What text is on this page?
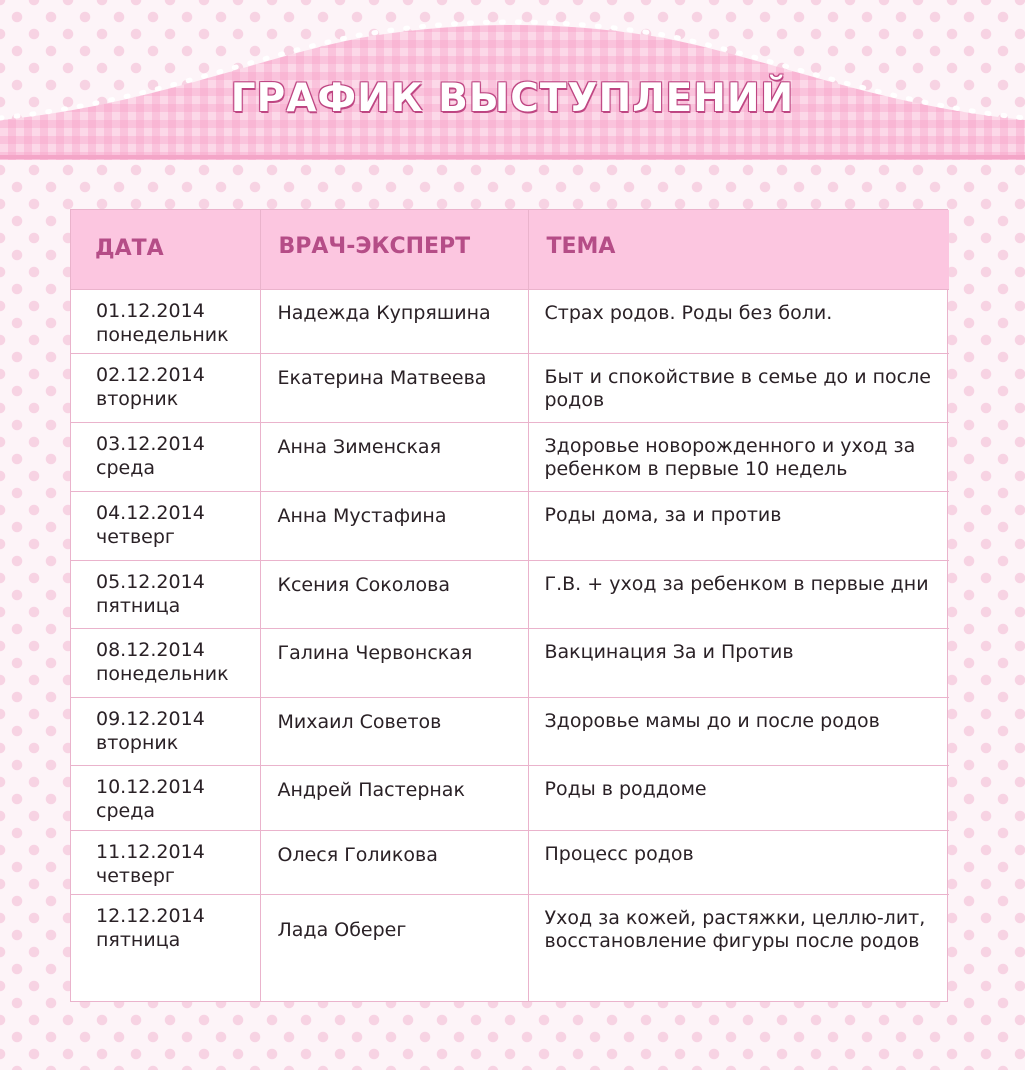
ГРАФИК ВЫСТУПЛЕНИЙ
ДАТА	ВРАЧ-ЭКСПЕРТ	ТЕМА

01.12.2014
понедельник	Надежда Купряшина	Страх родов. Роды без боли.

02.12.2014
вторник	Екатерина Матвеева	Быт и спокойствие в семье до и после родов

03.12.2014
среда	Анна Зименская	Здоровье новорожденного и уход за ребенком в первые 10 недель

04.12.2014
четверг	Анна Мустафина	Роды дома, за и против

05.12.2014
пятница	Ксения Соколова	Г.В. + уход за ребенком в первые дни

08.12.2014
понедельник	Галина Червонская	Вакцинация За и Против

09.12.2014
вторник	Михаил Советов	Здоровье мамы до и после родов

10.12.2014
среда	Андрей Пастернак	Роды в роддоме

11.12.2014
четверг	Олеся Голикова	Процесс родов

12.12.2014
пятница	Лада Оберег	Уход за кожей, растяжки, целлю-лит, восстановление фигуры после родов
